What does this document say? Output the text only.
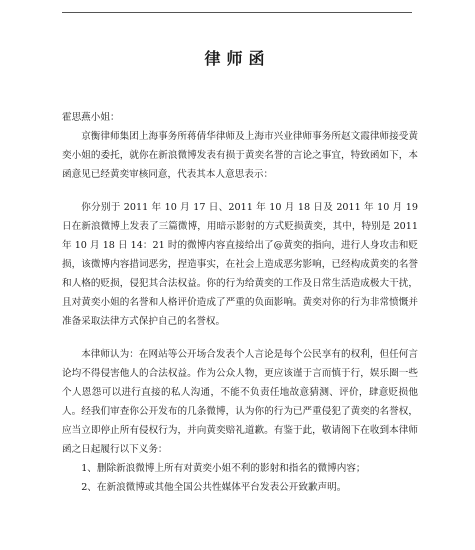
律师函

霍思燕小姐：

京衡律师集团上海事务所蒋倩华律师及上海市兴业律师事务所赵文霞律师接受黄奕小姐的委托，就你在新浪微博发表有损于黄奕名誉的言论之事宜，特致函如下，本函意见已经黄奕审核同意，代表其本人意思表示：

你分别于 2011 年 10 月 17 日、2011 年 10 月 18 日及 2011 年 10 月 19 日在新浪微博上发表了三篇微博，用暗示影射的方式贬损黄奕，其中，特别是 2011 年 10 月 18 日 14：21 时的微博内容直接给出了@黄奕的指向，进行人身攻击和贬损，该微博内容措词恶劣，捏造事实，在社会上造成恶劣影响，已经构成黄奕的名誉和人格的贬损，侵犯其合法权益。你的行为给黄奕的工作及日常生活造成极大干扰，且对黄奕小姐的名誉和人格评价造成了严重的负面影响。黄奕对你的行为非常愤慨并准备采取法律方式保护自己的名誉权。

本律师认为：在网站等公开场合发表个人言论是每个公民享有的权利，但任何言论均不得侵害他人的合法权益。作为公众人物，更应该谨于言而慎于行，娱乐圈一些个人恩怨可以进行直接的私人沟通，不能不负责任地故意猜测、评价，肆意贬损他人。经我们审查你公开发布的几条微博，认为你的行为已严重侵犯了黄奕的名誉权，应当立即停止所有侵权行为，并向黄奕赔礼道歉。有鉴于此，敬请阁下在收到本律师函之日起履行以下义务：

1、删除新浪微博上所有对黄奕小姐不利的影射和指名的微博内容；

2、在新浪微博或其他全国公共性媒体平台发表公开致歉声明。
